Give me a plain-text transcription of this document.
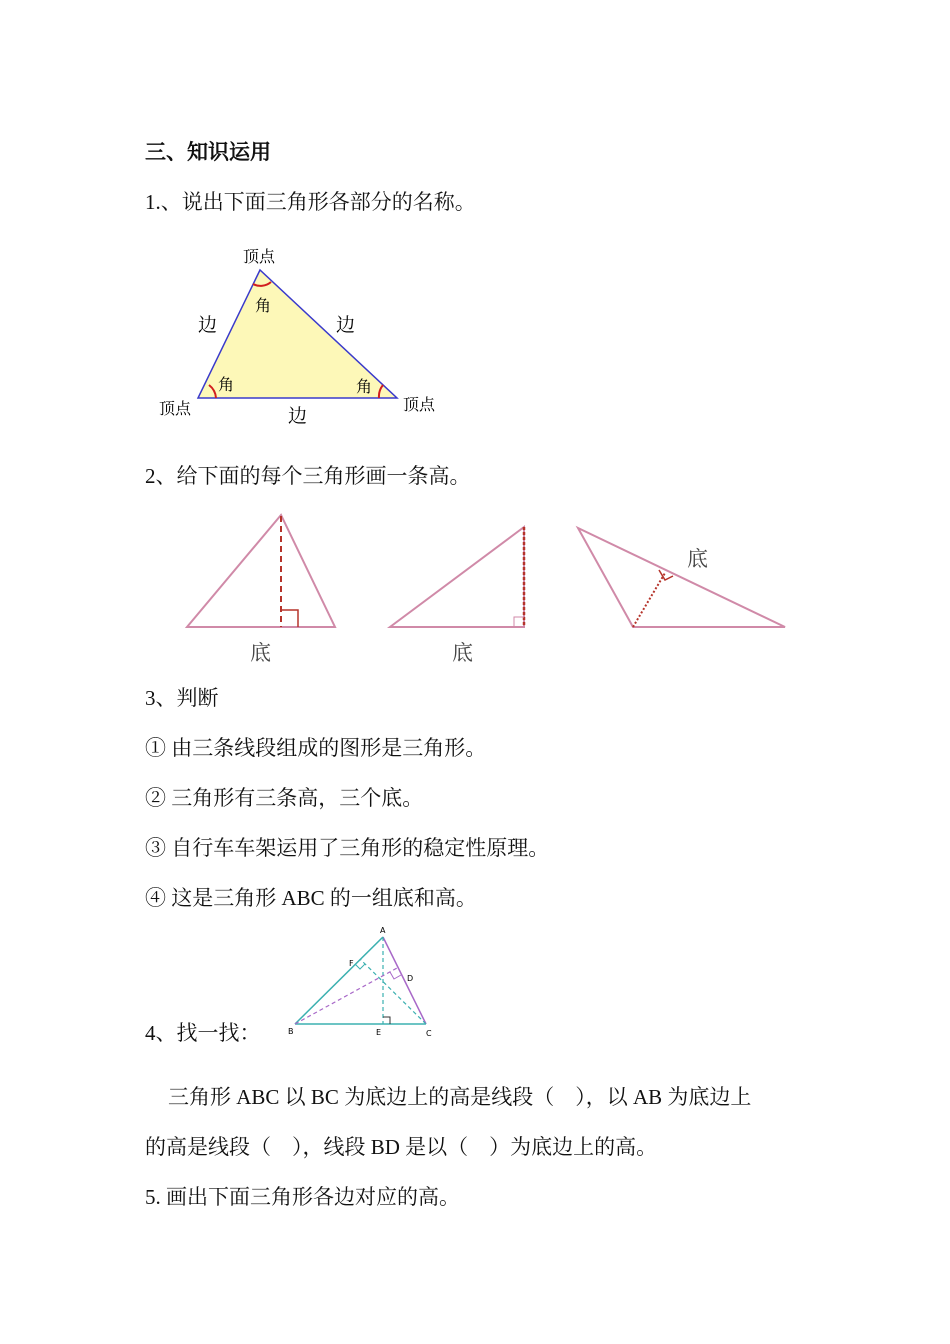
三、知识运用
1.、说出下面三角形各部分的名称。
顶点
顶点	顶点
角
角	角
边	边
边
2、给下面的每个三角形画一条高。
底	底
底
3、判断
① 由三条线段组成的图形是三角形。
② 三角形有三条高，三个底。
③ 自行车车架运用了三角形的稳定性原理。
④ 这是三角形 ABC 的一组底和高。
4、找一找：
A
B	C
D
E
F
三角形 ABC 以 BC 为底边上的高是线段（　），以 AB 为底边上
的高是线段（　），线段 BD 是以（　）为底边上的高。
5. 画出下面三角形各边对应的高。
